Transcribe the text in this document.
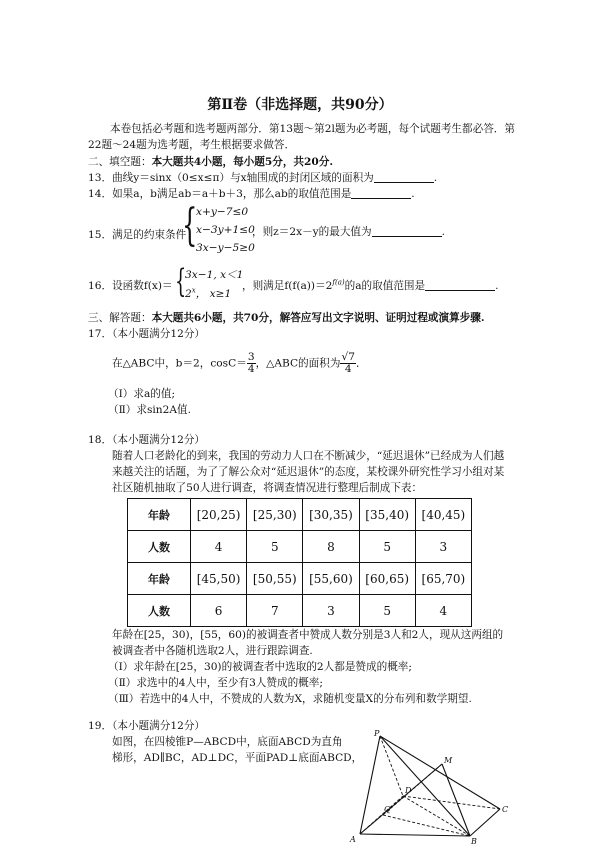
第Ⅱ卷（非选择题，共90分）
本卷包括必考题和选考题两部分．第13题～第2l题为必考题，每个试题考生都必答．第
22题～24题为选考题，考生根据要求做答．
二、填空题：本大题共4小题，每小题5分，共20分.
13．曲线y＝sinx（0≤x≤π）与x轴围成的封闭区域的面积为	.
14．如果a，b满足ab＝a＋b＋3，那么ab的取值范围是	.
15．满足的约束条件
{
x+y−7≤0
x−3y+1≤0
3x−y−5≥0
，则z＝2x－y的最大值为	.
16．设函数f(x)＝ {
3x−1, x＜1
2$^x$， x≥1
，则满足$f(f(a))=2^{f(a)}$的a的取值范围是	.
三、解答题：本大题共6小题，共70分，解答应写出文字说明、证明过程或演算步骤.
17．（本小题满分12分）
在△ABC中，b＝2，$\cos C= \frac{3}{4}$ ，△ABC的面积为 $\frac{√7}{4}$ ．
（Ⅰ）求a的值;
（Ⅱ）求sin2A值.
18．（本小题满分12分）
随着人口老龄化的到来，我国的劳动力人口在不断减少，“延迟退休”已经成为人们越
来越关注的话题，为了了解公众对“延迟退休”的态度，某校课外研究性学习小组对某
年龄	[20,25)	[25,30)	[30,35)	[35,40)	[40,45)
人数	4	5	8	5	3
年龄	[45,50)	[50,55)	[55,60)	[60,65)	[65,70)
人数	6	7	3	5	4
社区随机抽取了50人进行调查，将调查情况进行整理后制成下表：
年龄在[25，30)，[55，60)的被调查者中赞成人数分别是3人和2人，现从这两组的
被调查者中各随机选取2人，进行跟踪调查.
（Ⅰ）求年龄在[25，30)的被调查者中选取的2人都是赞成的概率;
（Ⅱ）求选中的4人中，至少有3人赞成的概率;
（Ⅲ）若选中的4人中，不赞成的人数为X，求随机变量X的分布列和数学期望.
19．（本小题满分12分）
如图，在四棱锥P—ABCD中，底面ABCD为直角
梯形，AD∥BC，AD⊥DC，平面PAD⊥底面ABCD，
P
M
D
Q	C
A	B
